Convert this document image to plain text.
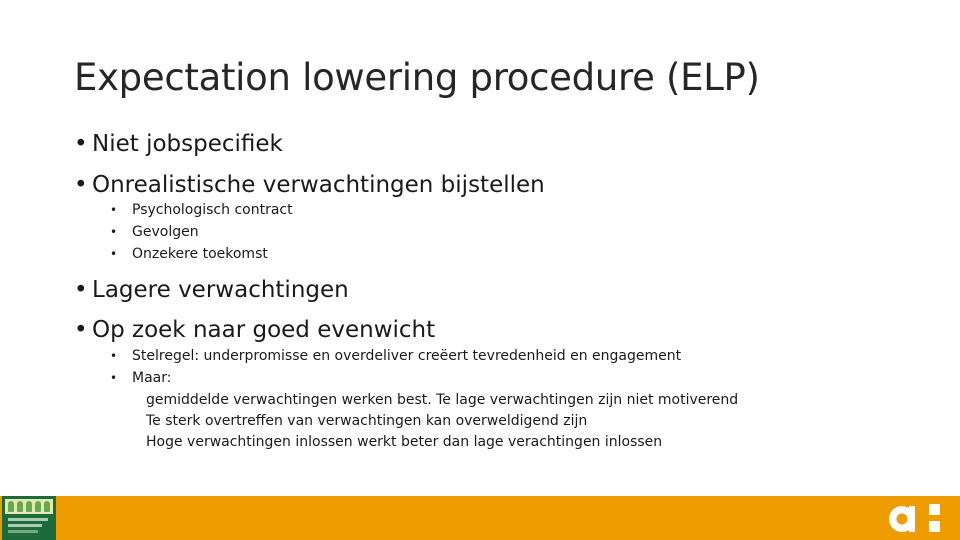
Expectation lowering procedure (ELP)
• Niet jobspecifiek
• Onrealistische verwachtingen bijstellen
• Psychologisch contract
• Gevolgen
• Onzekere toekomst
• Lagere verwachtingen
• Op zoek naar goed evenwicht
• Stelregel: underpromisse en overdeliver creëert tevredenheid en engagement
• Maar:
gemiddelde verwachtingen werken best. Te lage verwachtingen zijn niet motiverend
Te sterk overtreffen van verwachtingen kan overweldigend zijn
Hoge verwachtingen inlossen werkt beter dan lage verachtingen inlossen
